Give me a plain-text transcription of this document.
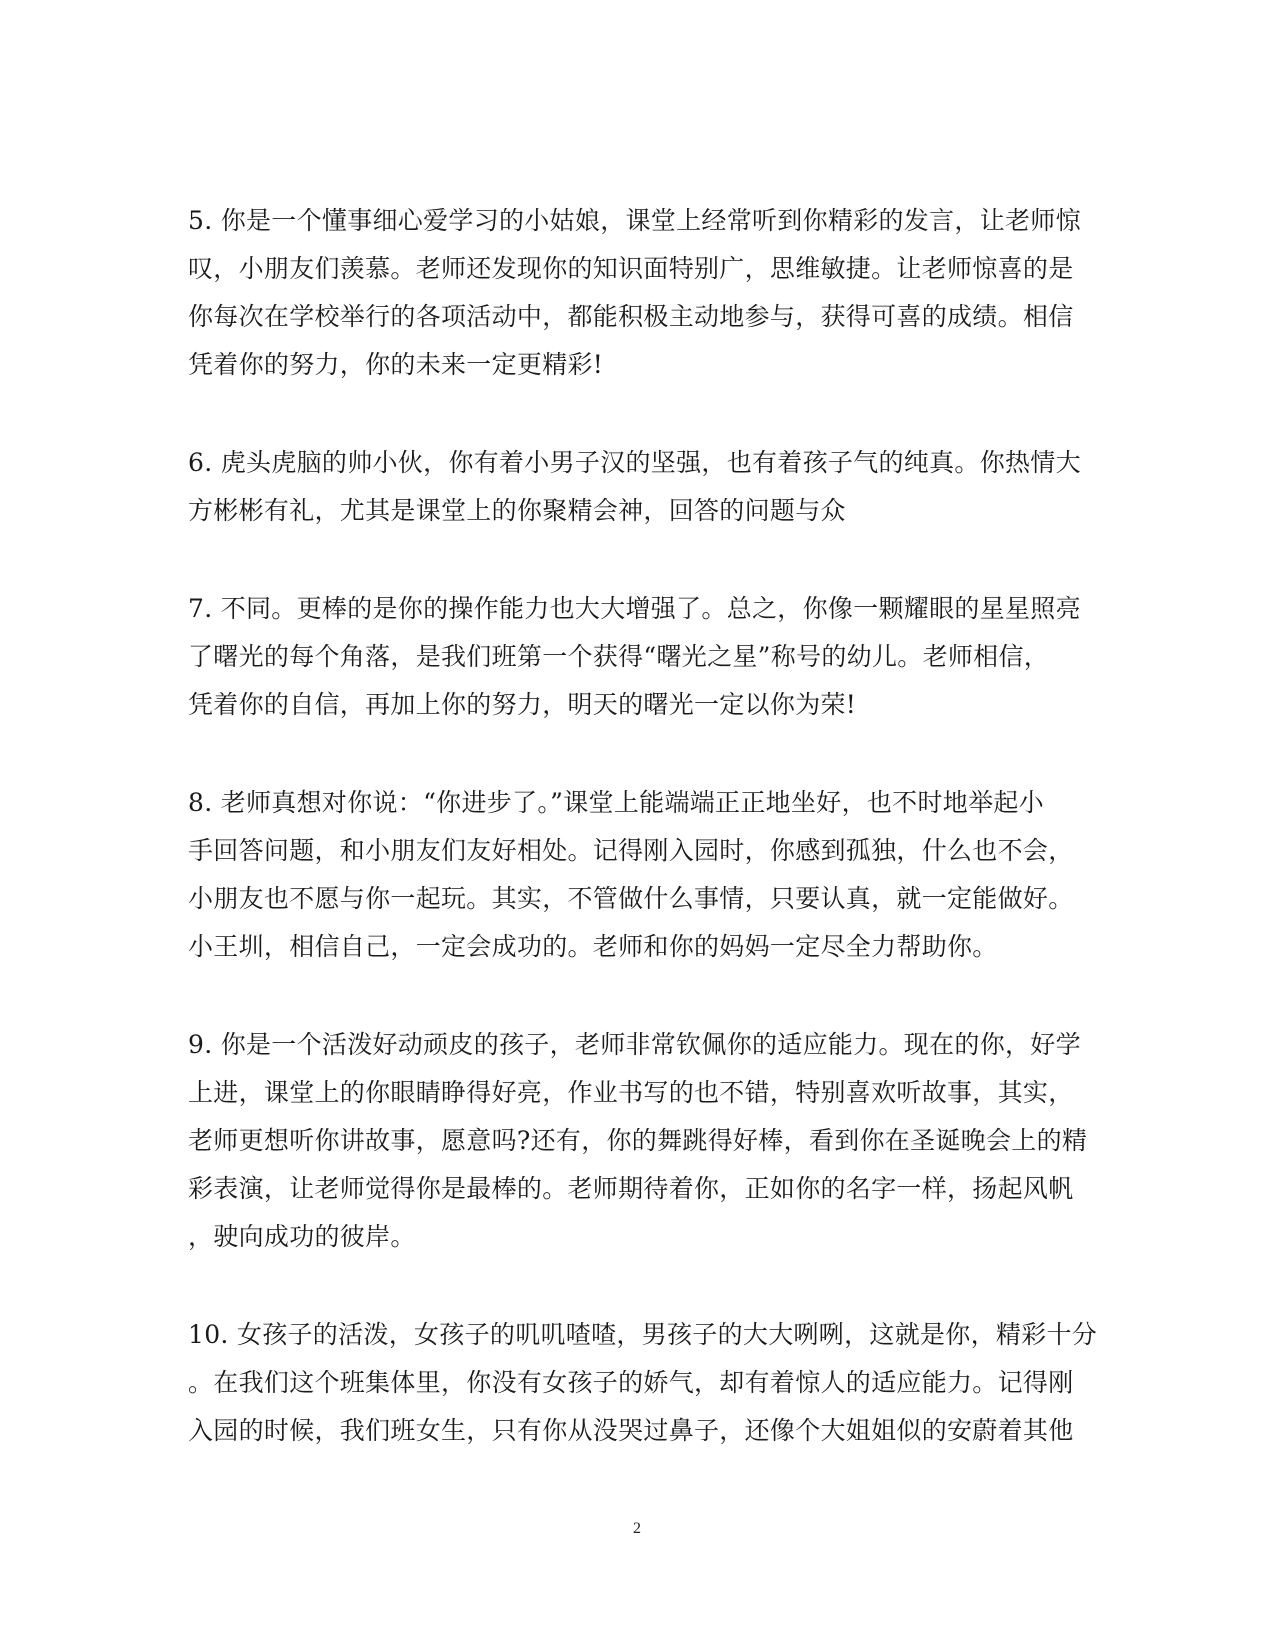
5. 你是一个懂事细心爱学习的小姑娘，课堂上经常听到你精彩的发言，让老师惊
叹，小朋友们羡慕。老师还发现你的知识面特别广，思维敏捷。让老师惊喜的是
你每次在学校举行的各项活动中，都能积极主动地参与，获得可喜的成绩。相信
凭着你的努力，你的未来一定更精彩!
6. 虎头虎脑的帅小伙，你有着小男子汉的坚强，也有着孩子气的纯真。你热情大
方彬彬有礼，尤其是课堂上的你聚精会神，回答的问题与众
7. 不同。更棒的是你的操作能力也大大增强了。总之，你像一颗耀眼的星星照亮
了曙光的每个角落，是我们班第一个获得“曙光之星”称号的幼儿。老师相信，
凭着你的自信，再加上你的努力，明天的曙光一定以你为荣!
8. 老师真想对你说：“你进步了。”课堂上能端端正正地坐好，也不时地举起小
手回答问题，和小朋友们友好相处。记得刚入园时，你感到孤独，什么也不会，
小朋友也不愿与你一起玩。其实，不管做什么事情，只要认真，就一定能做好。
小王圳，相信自己，一定会成功的。老师和你的妈妈一定尽全力帮助你。
9. 你是一个活泼好动顽皮的孩子，老师非常钦佩你的适应能力。现在的你，好学
上进，课堂上的你眼睛睁得好亮，作业书写的也不错，特别喜欢听故事，其实，
老师更想听你讲故事，愿意吗?还有，你的舞跳得好棒，看到你在圣诞晚会上的精
彩表演，让老师觉得你是最棒的。老师期待着你，正如你的名字一样，扬起风帆
，驶向成功的彼岸。
10. 女孩子的活泼，女孩子的叽叽喳喳，男孩子的大大咧咧，这就是你，精彩十分
。在我们这个班集体里，你没有女孩子的娇气，却有着惊人的适应能力。记得刚
入园的时候，我们班女生，只有你从没哭过鼻子，还像个大姐姐似的安蔚着其他
2
